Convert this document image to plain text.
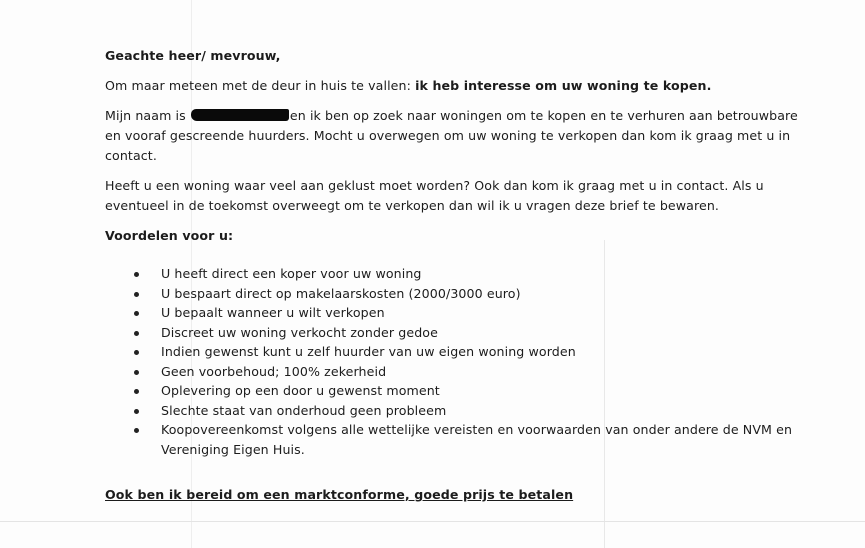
Geachte heer/ mevrouw,

Om maar meteen met de deur in huis te vallen: ik heb interesse om uw woning te kopen.

Mijn naam is	en ik ben op zoek naar woningen om te kopen en te verhuren aan betrouwbare en vooraf gescreende huurders. Mocht u overwegen om uw woning te verkopen dan kom ik graag met u in contact.

Heeft u een woning waar veel aan geklust moet worden? Ook dan kom ik graag met u in contact. Als u eventueel in de toekomst overweegt om te verkopen dan wil ik u vragen deze brief te bewaren.

Voordelen voor u:
U heeft direct een koper voor uw woning
U bespaart direct op makelaarskosten (2000/3000 euro)
U bepaalt wanneer u wilt verkopen
Discreet uw woning verkocht zonder gedoe
Indien gewenst kunt u zelf huurder van uw eigen woning worden
Geen voorbehoud; 100% zekerheid
Oplevering op een door u gewenst moment
Slechte staat van onderhoud geen probleem
Koopovereenkomst volgens alle wettelijke vereisten en voorwaarden van onder andere de NVM en Vereniging Eigen Huis.
Ook ben ik bereid om een marktconforme, goede prijs te betalen
